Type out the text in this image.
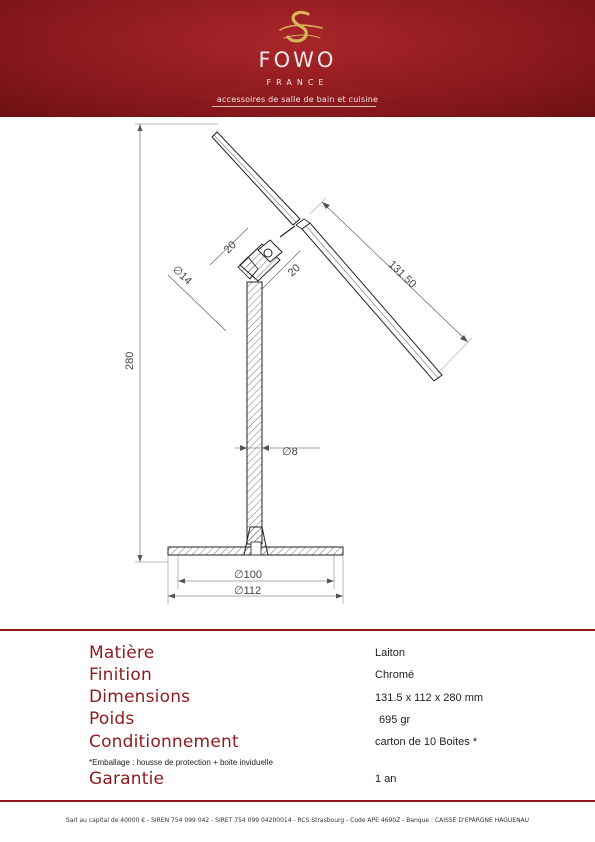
FOWO
FRANCE
accessoires de salle de bain et cuisine
280
131.50
20
20
∅14
∅8
∅100
∅112
Matière	Laiton
Finition	Chromé
Dimensions	131.5 x 112 x 280 mm
Poids	695 gr
Conditionnement	carton de 10 Boites *
*Emballage : housse de protection + boite inviduelle
Garantie	1 an
Sarl au capital de 40000 € - SIREN 754 099 042 - SIRET 754 099 04200014 - RCS Strasbourg - Code APE 4690Z - Banque : CAISSE D'EPARGNE HAGUENAU
